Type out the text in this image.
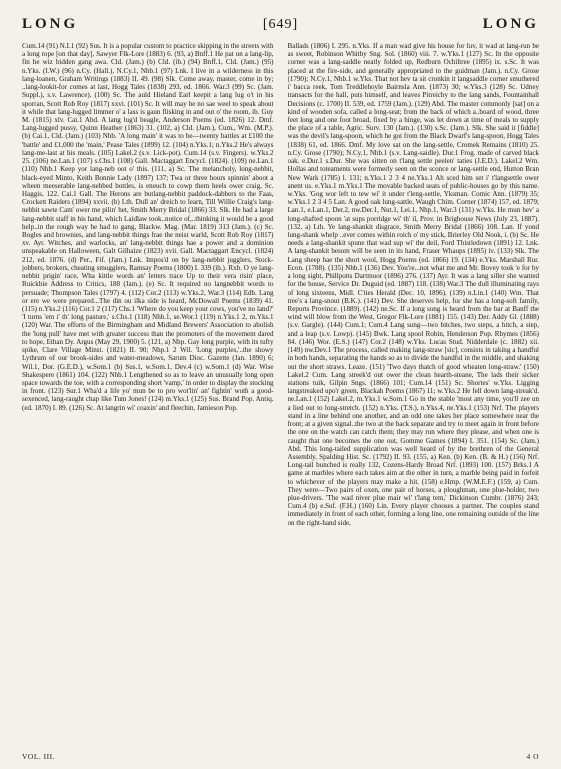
LONG	[649]	LONG

Cum.14 (91) N.I.1 (92) Sus. It is a popular custom to practice skipping in the streets with a long rope [on that day], Sawyer Flk-Lore (1883) 6. (93, a) Bnff.1 He pat on a lang-lip, fin he wiz bidden gang awa. Cld. (Jam.) (b) Cld. (ib.) (94) Bnff.1, Cld. (Jam.) (95) n.Yks. (I.W.) (96) n.Cy. (Hall.), N.Cy.1, Nhb.1 (97) Lnk. I live in a wilderness in this lang-loanen, Graham Writings (1883) II. 49. (98) Slk. Come away, master, come in by; ..lang-lookit-for comes at last, Hogg Tales (1838) 293, ed. 1866. War.3 (99) Sc. (Jam. Suppl.), s.v. Lawrence). (100) Sc. The auld Hieland Earl keepit a lang lug o't in his sporran, Scott Rob Roy (1817) xxvi. (101) Sc. It will may be no sae weel to speak about it while that lang-lugged limmer o' a lass is gaun flisking in and out o' the room, ib. Guy M. (1815) xlv. Cai.1 Abd. A lang lug'd beagle, Anderson Poems (ed. 1826) 12. Dmf. Lang-lugged pussy, Quinn Heather (1863) 31. (102, a) Cld. (Jam.), Cum., Wm. (M.P.). (b) Cai.1, Cld. (Jam.) (103) Nhb. 'A long main' it was to be—twenty battles at £100 the 'battle' and £1,000 the 'main,' Pease Tales (1899) 12. (104) n.Yks.1; n.Yks.2 He's always lang-me-last at his meals. (105) Lakel.2 (s.v. Lick-pot). Cum.14 (s.v. Fingers). w.Yks.2 25. (106) ne.Lan.1 (107) s.Chs.1 (108) Gall. Mactaggart Encycl. (1824). (109) ne.Lan.1 (110) Nhb.1 Keep yor lang-neb oot o' this. (111, a) Sc. The melancholy, long-nebbit, black-eyed Minto, Keith Bonnie Lady (1897) 137; Twa or three hours spinnin' aboot a wheen meeserable lang-nebbed bottles, is eneuch to cowp them heels ower craig, Sc. Haggis, 122. Cai.1 Gall. The Herons are butlang-nebbit paddock-dabbers to the Faas, Crockett Raiders (1894) xxvii. (b) Lth. Dull an' dreich to learn, Till Willie Craig's lang-nebbit sawte Cam' ower me pilin' het, Smith Merry Bridal (1866) 33. Slk. He had a large lang-nebbit staff in his hand, which Laidlaw took..notice of,..thinking it would be a good help..in the rough way he had to gang, Blackw. Mag. (Mar. 1819) 313 (Jam.). (c) Sc. Bogles and brownies, and lang-nebbit things frae the neist warld, Scott Rob Roy (1817) xv. Ayr. Witches, and warlocks, an' lang-nebbit things hae a power and a dominion unspeakable on Halloween, Galt Gilhaize (1823) xvii. Gall. Mactaggart Encycl. (1824) 212, ed. 1876. (d) Per., Fif. (Jam.) Lnk. Impos'd on by lang-nebbit jugglers, Stock-jobbers, brokers, cheating smugglers, Ramsay Poems (1800) I. 339 (ib.). Rxb. O ye lang-nebbit prigin' race, Wha kittle words an' letters trace Up to their vera risin' place, Ruickbie Address to Critics, 188 (Jam.). (e) Sc. It required no langnebbit words to persuade; Thompson Tales (1797) 4. (112) Cor.2 (113) w.Yks.2, War.3 (114) Edb. Lang or ere we were prepared...The din ou ilka side is heard, McDowall Poems (1839) 41. (115) n.Yks.2 (116) Cor.1 2 (117) Chs.1 'Where do you keep your cows, you've no land?' 'I turns 'em i' th' long pasture,' s.Chs.1 (118) Nhb.1, se.Wor.1 (119) n.Yks.1 2, m.Yks.1 (120) War. The efforts of the Birmingham and Midland Brewers' Association to abolish the 'long pull' have met with greater success than the promoters of the movement dared to hope, Ethan Dy. Argus (May 29, 1900) 5. (121, a) Nhp. Gay long purple, with its tufty spike, Clare Village Minst. (1821) II. 90; Nhp.1 2 Wil. 'Long purples,'..the showy Lythrum of our brook-sides and water-meadows, Sarum Dioc. Gazette (Jan. 1890) 6; Wil.1, Dor. (G.E.D.), w.Som.1 (b) Sus.1, w.Som.1, Dev.4 (c) w.Som.1 (d) War. Wise Shakespere (1861) 104. (122) Nhb.1 Lengthened so as to leave an unusually long open space towards the toe, with a corresponding short 'vamp,' in order to display the stocking in front. (123) Sur.1 Wha'd a life yo' mun be to pro wot'lin' an' fightin' wuth a good-sexenced, lang-raught chap like Tum Jones! (124) m.Yks.1 (125) Sus. Brand Pop. Antiq. (ed. 1870) I. 89. (126) Sc. At langrin wi' coaxin' and fleechin, Jamieson Pop.

Ballads (1806) I. 295. n.Yks. If a man wad give his house for luv, it wad at lang-run be as sweet, Robinson Whitby Sng. Sol. (1860) viii. 7. w.Yks.1 (127) Sc. In the opposite corner was a lang-saddle neatly folded up, Redburn Ochiltree (1895) ix. s.Sc. It was placed at the fire-side, and generally appropriated to the guidman (Jam.). n.Cy. Grose (1790); N.Cy.1, Nhb.1 w.Yks. That not hev ta sit cronkin it langsaddle corner smuthered i' bacca reek, Tom Treddlehoyle Bairnsla Ann. (1873) 30; w.Yks.3 (128) Sc. Udney transacts for the hall, puts himself, and leaves Pitreichy to the lang sands, Fountainhall Decisions (c. 1700) II. 539, ed. 1759 (Jam.). (129) Abd. The master commonly [sat] on a kind of wooden sofa, called a long-seat; from the back of which a..board of wood, three feet long and one foot broad, fixed by a hinge, was let down at time of meals to supply the place of a table, Agric. Surv. 130 (Jam.). (130) s.Sc. (Jam.). Slk. She said it [fiddle] was the devil's lang-spoon, which he got from the Black Dwarf's lang-spoon, Hogg Tales (1838) 61, ed. 1866. Dmf. My love sat on the lang-settle, Cromek Remains (1810) 25. n.Cy. Grose (1790); N.Cy.1, Nhb.1 (s.v. Lang-saidle). Dur.1 Frog. made of carved black oak. e.Dur.1 s.Dur. She was sitten on t'lang settle peelen' taties (J.E.D.). Lakel.2 Wm. Hollas and toteaments were formerly seen on the sconce or lang-settle end, Hutton Bran New Wark (1785) l. 131; n.Yks.1 2 3 4 ne.Yks.1 Ah sced him set i' t'langsettle ower anent us. e.Yks.1 m.Yks.1 The movable backed seats of public-houses go by this name. w.Yks. 'Gog wor left to tew wi' it under t'leng-settle, Yksman. Comic Ann. (1879) 35; w.Yks.1 2 3 4 5 Lan. A good oak lung-sattle, Waugh Chim. Corner (1874) 157, ed. 1879; Lan.1, e.Lan.1, Der.2, nw.Der.1, Nut.1, Lei.1, Nhp.1, War.3 (131) w.Yks. He mun hev' a long-shafted spoon 'at sups porridge wi' th' il, Prov. in Brighouse News (July 23, 1887). (132, a) Lth. Ye lang-shankit disgrace, Smith Merry Bridal (1866) 108. Lan. If yond lung-shank whelp ..ever comes within roich o' my stick, Brierley Old Nook, i. (b) Sc. He needs a lang-shankit spune that wad sup wi' the deil, Ford Thistledown (1891) 12. Lnk. A lang-shankit besom will be seen in its hand, Fraser Whaups (1895) iv. (133) Slk. The Lang sheep hae the short wool, Hogg Poems (ed. 1866) 19. (134) e.Yks. Marshall Rur. Econ. (1788). (135) Nhb.1 (136) Dev. You're...not what me and Mr. Bovey took 'e for by a long sight, Phillpotts Dartmoor (1896) 276. (137) Ayr. It was a lang siller she wanted for the house, Service Dr. Duguid (ed. 1887) 118. (138) War.3 The dull illuminating rays of long sixteens, Midl. C'ties Herald (Dec. 10, 1896). (139) n.Lin.1 (140) Wm. That tree's a lang-snout (B.K.). (141) Dev. She deserves help, for she has a long-soft family, Reports Province. (1889). (142) ne.Sc. If a long song is heard from the bar at Banff the wind will blow from the West, Gregor Flk-Lore (1881) 155. (143) Der. Addy Gl. (1888) (s.v. Gargle). (144) Cum.1; Cum.4 Lang sung—two bitches, two steps, a hitch, a step, and a leap (s.v. Lowp). (145) Bwk. Lang spool Robin, Henderson Pop. Rhymes (1856) 84. (146) Wor. (E.S.) (147) Cor.2 (148) w.Yks. Lucas Stud. Nidderdale (c. 1882) xii. (149) nw.Dev.1 The process, called making lang-straw [sic], consists in taking a handful in both hands, separating the hands so as to divide the handful in the middle, and shaking out the short straws. Leaze. (151) 'Two days thatch of good wheaten long-straw.' (150) Lakel.2 Cum. Lang streek'd out ower the clean hearth-steane, The lads their sicker stations tuik, Gilpin Sngs. (1866) 101; Cum.14 (151) Sc. Shortes' w.Yks. Ligging langstreaked upo'r green, Blackah Poems (1867) 11; w.Yks.2 He fell down lang-streak'd. ne.Lan.1 (152) Lakel.2, m.Yks.1 w.Som.1 Go in the stable 'most any time, you'll zee un a lied out to long-stretch. (152) n.Yks. (T.S.), n.Yks.4, ne.Yks.1 (153) Nrf. The players stand in a line behind one another, and an odd one takes her place somewhere near the front; at a given signal..the two at the back separate and try to meet again in front before the one on the watch can catch them; they may run where they please, and when one is caught that one becomes the one out, Gomme Games (1894) I. 351. (154) Sc. (Jam.) Abd. This long-tailed supplication was well heard of by the brethren of the General Assembly, Spalding Hist. Sc. (1792) II. 93. (155, a) Ken. (b) Ken. (B. & H.) (156) Nrf. Long-tail bunched is really 132, Cozens-Hardy Broad Nrf. (1893) 100. (157) Brks.1 A game at marbles where each takes aim at the other in turn, a marble being paid in forfeit to whichever of the players may make a hit. (158) e.Hmp. (W.M.E.F.) (159, a) Cum. They were—Two pairs of oxen, one pair of horses, a ploughman, one plue-holder, two plue-drivers. 'The wad niver plue mair wi' t'lang tem,' Dickinson Cumbr. (1876) 243; Cum.4 (b) e.Suf. (F.H.) (160) Lin. Every player chooses a partner. The couples stand immediately in front of each other, forming a long line, one remaining outside of the line on the right-hand side,

VOL. III.	4 O
